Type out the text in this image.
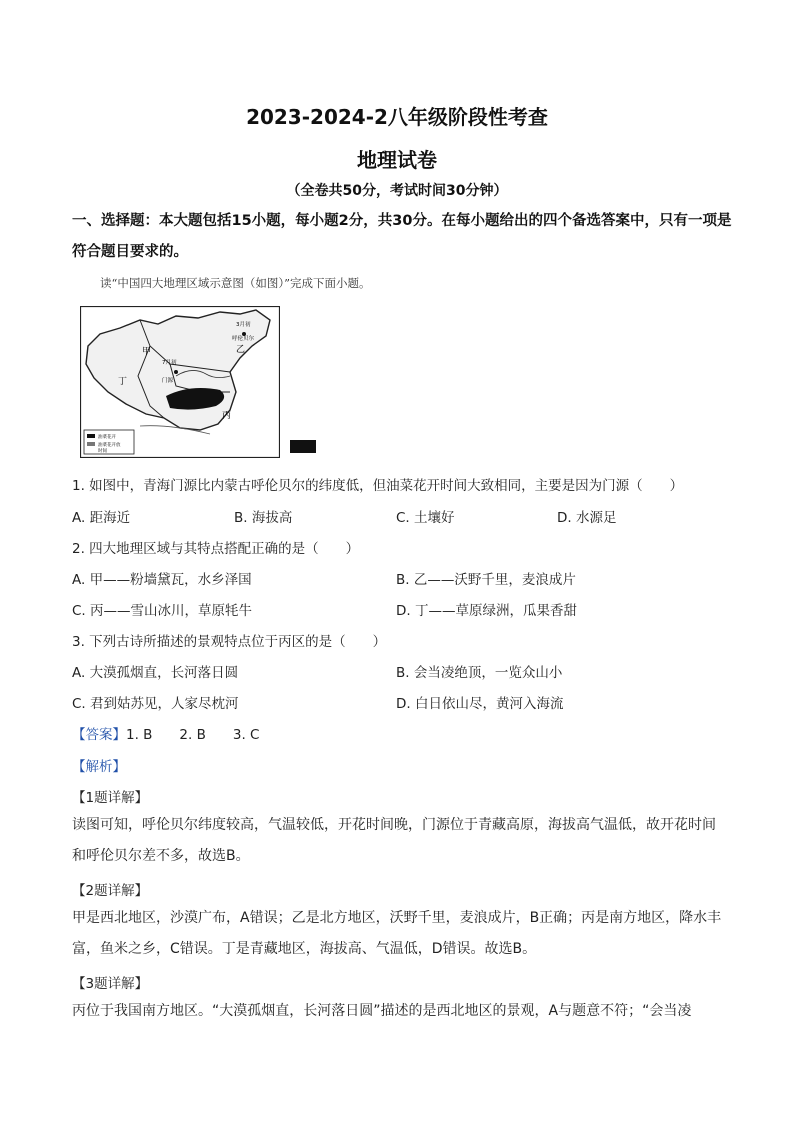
2023-2024-2八年级阶段性考查
地理试卷
（全卷共50分，考试时间30分钟）
一、选择题：本大题包括15小题，每小题2分，共30分。在每小题给出的四个备选答案中，只有一项是符合题目要求的。
读“中国四大地理区域示意图（如图）”完成下面小题。
甲	乙
丙
丁
3月初
呼伦贝尔
7月初
门源
油菜花开
油菜花开放
时间
1. 如图中，青海门源比内蒙古呼伦贝尔的纬度低，但油菜花开时间大致相同，主要是因为门源（　　）
A. 距海近	B. 海拔高	C. 土壤好	D. 水源足
2. 四大地理区域与其特点搭配正确的是（　　）
A. 甲——粉墙黛瓦，水乡泽国	B. 乙——沃野千里，麦浪成片
C. 丙——雪山冰川，草原牦牛	D. 丁——草原绿洲，瓜果香甜
3. 下列古诗所描述的景观特点位于丙区的是（　　）
A. 大漠孤烟直，长河落日圆	B. 会当凌绝顶，一览众山小
C. 君到姑苏见，人家尽枕河	D. 白日依山尽，黄河入海流
【答案】1. B　　2. B　　3. C
【解析】
【1题详解】
读图可知，呼伦贝尔纬度较高，气温较低，开花时间晚，门源位于青藏高原，海拔高气温低，故开花时间和呼伦贝尔差不多，故选B。
【2题详解】
甲是西北地区，沙漠广布，A错误；乙是北方地区，沃野千里，麦浪成片，B正确；丙是南方地区，降水丰富，鱼米之乡，C错误。丁是青藏地区，海拔高、气温低，D错误。故选B。
【3题详解】
丙位于我国南方地区。“大漠孤烟直，长河落日圆”描述的是西北地区的景观，A与题意不符；“会当凌
